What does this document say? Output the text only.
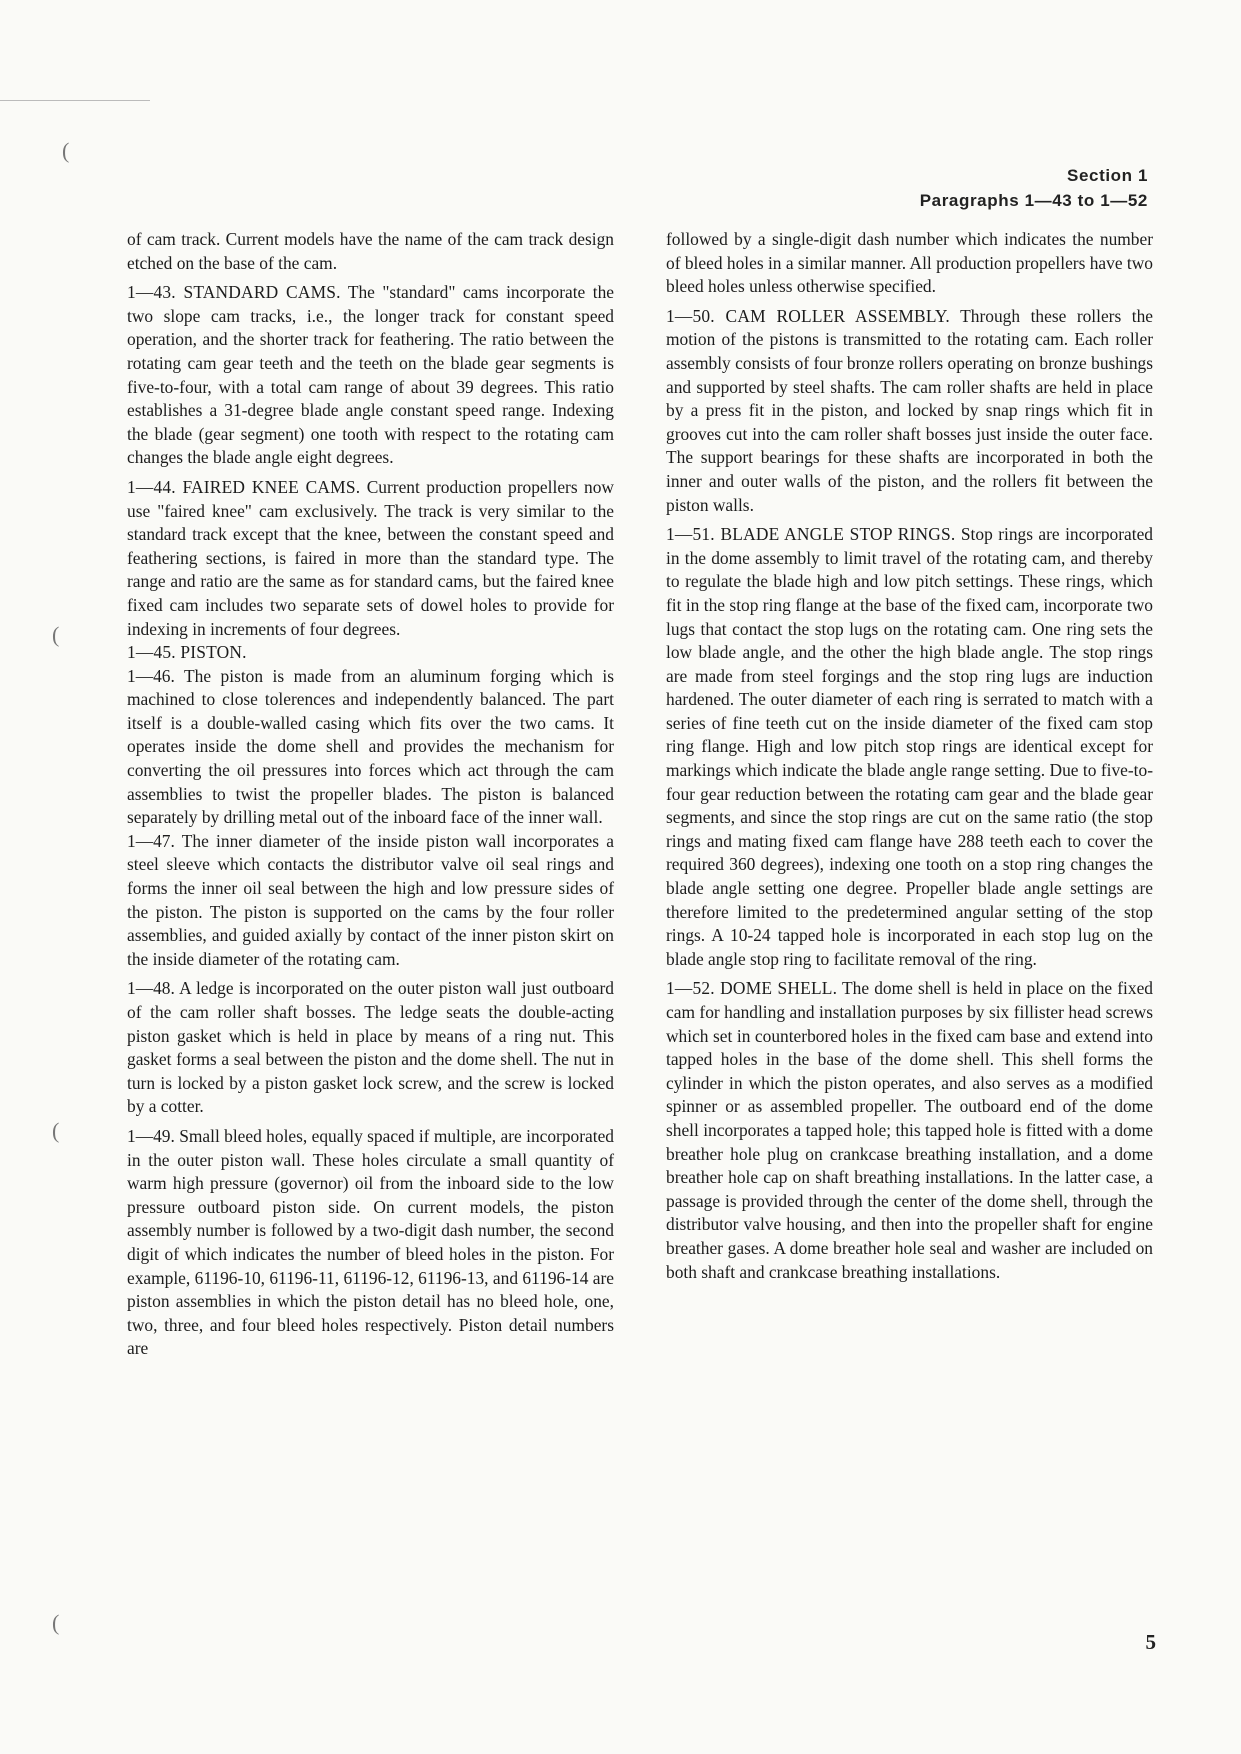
(
(
(
(
Section 1
Paragraphs 1—43 to 1—52

of cam track. Current models have the name of the cam track design etched on the base of the cam.

1—43. STANDARD CAMS. The "standard" cams incorporate the two slope cam tracks, i.e., the longer track for constant speed operation, and the shorter track for feathering. The ratio between the rotating cam gear teeth and the teeth on the blade gear segments is five-to-four, with a total cam range of about 39 degrees. This ratio establishes a 31-degree blade angle constant speed range. Indexing the blade (gear segment) one tooth with respect to the rotating cam changes the blade angle eight degrees.

1—44. FAIRED KNEE CAMS. Current production propellers now use "faired knee" cam exclusively. The track is very similar to the standard track except that the knee, between the constant speed and feathering sections, is faired in more than the standard type. The range and ratio are the same as for standard cams, but the faired knee fixed cam includes two separate sets of dowel holes to provide for indexing in increments of four degrees.

1—45. PISTON.

1—46. The piston is made from an aluminum forging which is machined to close tolerences and independently balanced. The part itself is a double-walled casing which fits over the two cams. It operates inside the dome shell and provides the mechanism for converting the oil pressures into forces which act through the cam assemblies to twist the propeller blades. The piston is balanced separately by drilling metal out of the inboard face of the inner wall.

1—47. The inner diameter of the inside piston wall incorporates a steel sleeve which contacts the distributor valve oil seal rings and forms the inner oil seal between the high and low pressure sides of the piston. The piston is supported on the cams by the four roller assemblies, and guided axially by contact of the inner piston skirt on the inside diameter of the rotating cam.

1—48. A ledge is incorporated on the outer piston wall just outboard of the cam roller shaft bosses. The ledge seats the double-acting piston gasket which is held in place by means of a ring nut. This gasket forms a seal between the piston and the dome shell. The nut in turn is locked by a piston gasket lock screw, and the screw is locked by a cotter.

1—49. Small bleed holes, equally spaced if multiple, are incorporated in the outer piston wall. These holes circulate a small quantity of warm high pressure (governor) oil from the inboard side to the low pressure outboard piston side. On current models, the piston assembly number is followed by a two-digit dash number, the second digit of which indicates the number of bleed holes in the piston. For example, 61196-10, 61196-11, 61196-12, 61196-13, and 61196-14 are piston assemblies in which the piston detail has no bleed hole, one, two, three, and four bleed holes respectively. Piston detail numbers are

followed by a single-digit dash number which indicates the number of bleed holes in a similar manner. All production propellers have two bleed holes unless otherwise specified.

1—50. CAM ROLLER ASSEMBLY. Through these rollers the motion of the pistons is transmitted to the rotating cam. Each roller assembly consists of four bronze rollers operating on bronze bushings and supported by steel shafts. The cam roller shafts are held in place by a press fit in the piston, and locked by snap rings which fit in grooves cut into the cam roller shaft bosses just inside the outer face. The support bearings for these shafts are incorporated in both the inner and outer walls of the piston, and the rollers fit between the piston walls.

1—51. BLADE ANGLE STOP RINGS. Stop rings are incorporated in the dome assembly to limit travel of the rotating cam, and thereby to regulate the blade high and low pitch settings. These rings, which fit in the stop ring flange at the base of the fixed cam, incorporate two lugs that contact the stop lugs on the rotating cam. One ring sets the low blade angle, and the other the high blade angle. The stop rings are made from steel forgings and the stop ring lugs are induction hardened. The outer diameter of each ring is serrated to match with a series of fine teeth cut on the inside diameter of the fixed cam stop ring flange. High and low pitch stop rings are identical except for markings which indicate the blade angle range setting. Due to five-to-four gear reduction between the rotating cam gear and the blade gear segments, and since the stop rings are cut on the same ratio (the stop rings and mating fixed cam flange have 288 teeth each to cover the required 360 degrees), indexing one tooth on a stop ring changes the blade angle setting one degree. Propeller blade angle settings are therefore limited to the predetermined angular setting of the stop rings. A 10-24 tapped hole is incorporated in each stop lug on the blade angle stop ring to facilitate removal of the ring.

1—52. DOME SHELL. The dome shell is held in place on the fixed cam for handling and installation purposes by six fillister head screws which set in counterbored holes in the fixed cam base and extend into tapped holes in the base of the dome shell. This shell forms the cylinder in which the piston operates, and also serves as a modified spinner or as assembled propeller. The outboard end of the dome shell incorporates a tapped hole; this tapped hole is fitted with a dome breather hole plug on crankcase breathing installation, and a dome breather hole cap on shaft breathing installations. In the latter case, a passage is provided through the center of the dome shell, through the distributor valve housing, and then into the propeller shaft for engine breather gases. A dome breather hole seal and washer are included on both shaft and crankcase breathing installations.

5
